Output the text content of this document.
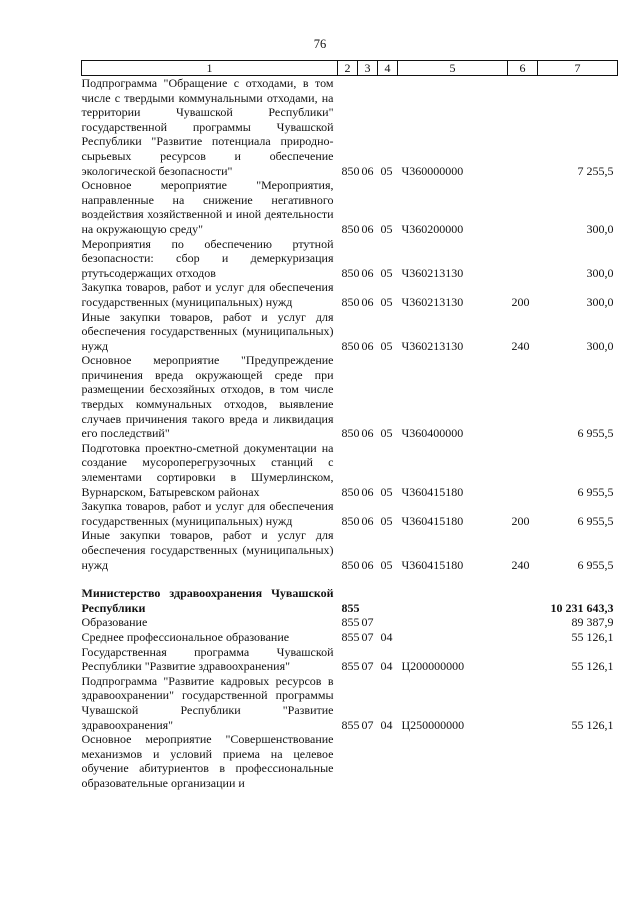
76
1	2	3	4	5	6	7

Подпрограмма "Обращение с отходами, в том числе с твердыми коммунальными отходами, на территории Чувашской Республики" государственной программы Чувашской Республики "Развитие потенциала природно-сырьевых ресурсов и обеспечение экологической безопасности"	850	06	05	Ч360000000		7 255,5

Основное мероприятие "Мероприятия, направленные на снижение негативного воздействия хозяйственной и иной деятельности на окружающую среду"	850	06	05	Ч360200000		300,0

Мероприятия по обеспечению ртутной безопасности: сбор и демеркуризация ртутьсодержащих отходов	850	06	05	Ч360213130		300,0

Закупка товаров, работ и услуг для обеспечения государственных (муниципальных) нужд	850	06	05	Ч360213130	200	300,0

Иные закупки товаров, работ и услуг для обеспечения государственных (муниципальных) нужд	850	06	05	Ч360213130	240	300,0

Основное мероприятие "Предупреждение причинения вреда окружающей среде при размещении бесхозяйных отходов, в том числе твердых коммунальных отходов, выявление случаев причинения такого вреда и ликвидация его последствий"	850	06	05	Ч360400000		6 955,5

Подготовка проектно-сметной документации на создание мусороперегрузочных станций с элементами сортировки в Шумерлинском, Вурнарском, Батыревском районах	850	06	05	Ч360415180		6 955,5

Закупка товаров, работ и услуг для обеспечения государственных (муниципальных) нужд	850	06	05	Ч360415180	200	6 955,5

Иные закупки товаров, работ и услуг для обеспечения государственных (муниципальных) нужд	850	06	05	Ч360415180	240	6 955,5

Министерство здравоохранения Чувашской Республики	855					10 231 643,3

Образование	855	07				89 387,9

Среднее профессиональное образование	855	07	04			55 126,1

Государственная программа Чувашской Республики "Развитие здравоохранения"	855	07	04	Ц200000000		55 126,1

Подпрограмма "Развитие кадровых ресурсов в здравоохранении" государственной программы Чувашской Республики "Развитие здравоохранения"	855	07	04	Ц250000000		55 126,1

Основное мероприятие "Совершенствование механизмов и условий приема на целевое обучение абитуриентов в профессиональные образовательные организации и						
